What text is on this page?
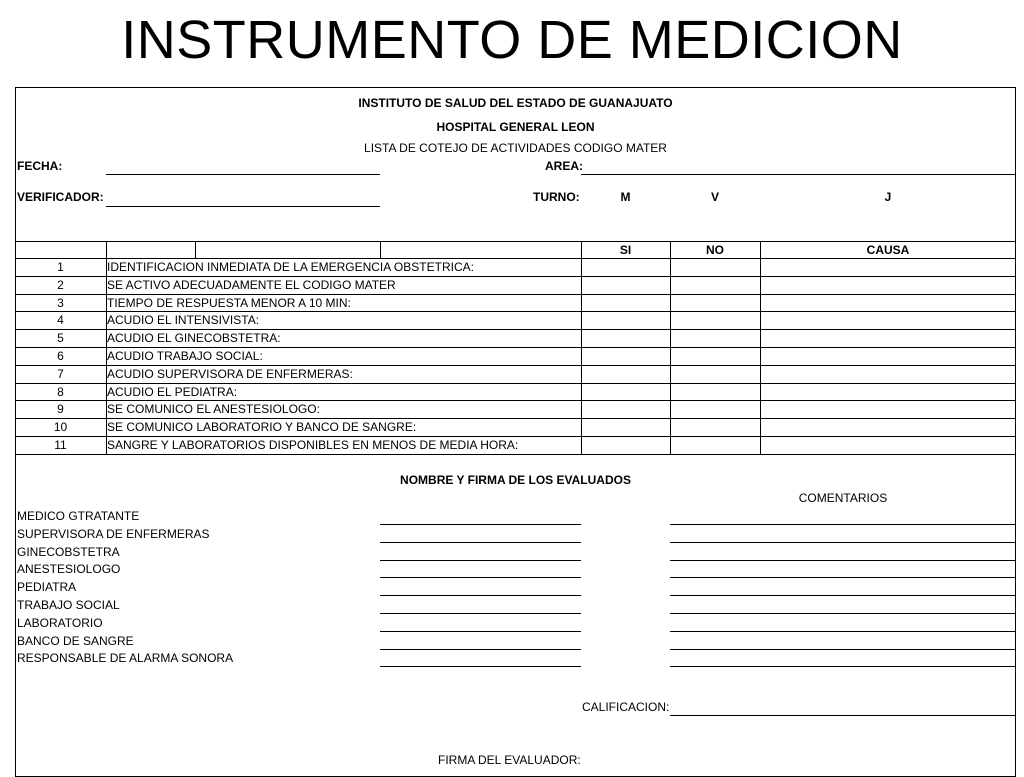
INSTRUMENTO DE MEDICION
INSTITUTO DE SALUD DEL ESTADO DE GUANAJUATO
HOSPITAL GENERAL LEON
LISTA DE COTEJO DE ACTIVIDADES CODIGO MATER
FECHA:	AREA:
VERIFICADOR:	TURNO:	M	V	J
SI	NO	CAUSA
1	IDENTIFICACION INMEDIATA DE LA EMERGENCIA OBSTETRICA:
2	SE ACTIVO ADECUADAMENTE EL CODIGO MATER
3	TIEMPO DE RESPUESTA MENOR A 10 MIN:
4	ACUDIO EL INTENSIVISTA:
5	ACUDIO EL GINECOBSTETRA:
6	ACUDIO TRABAJO SOCIAL:
7	ACUDIO SUPERVISORA DE ENFERMERAS:
8	ACUDIO EL PEDIATRA:
9	SE COMUNICO EL ANESTESIOLOGO:
10	SE COMUNICO LABORATORIO Y BANCO DE SANGRE:
11	SANGRE Y LABORATORIOS DISPONIBLES EN MENOS DE MEDIA HORA:
NOMBRE Y FIRMA DE LOS EVALUADOS
COMENTARIOS
MEDICO GTRATANTE
SUPERVISORA DE ENFERMERAS
GINECOBSTETRA
ANESTESIOLOGO
PEDIATRA
TRABAJO SOCIAL
LABORATORIO
BANCO DE SANGRE
RESPONSABLE DE ALARMA SONORA
CALIFICACION:
FIRMA DEL EVALUADOR:
